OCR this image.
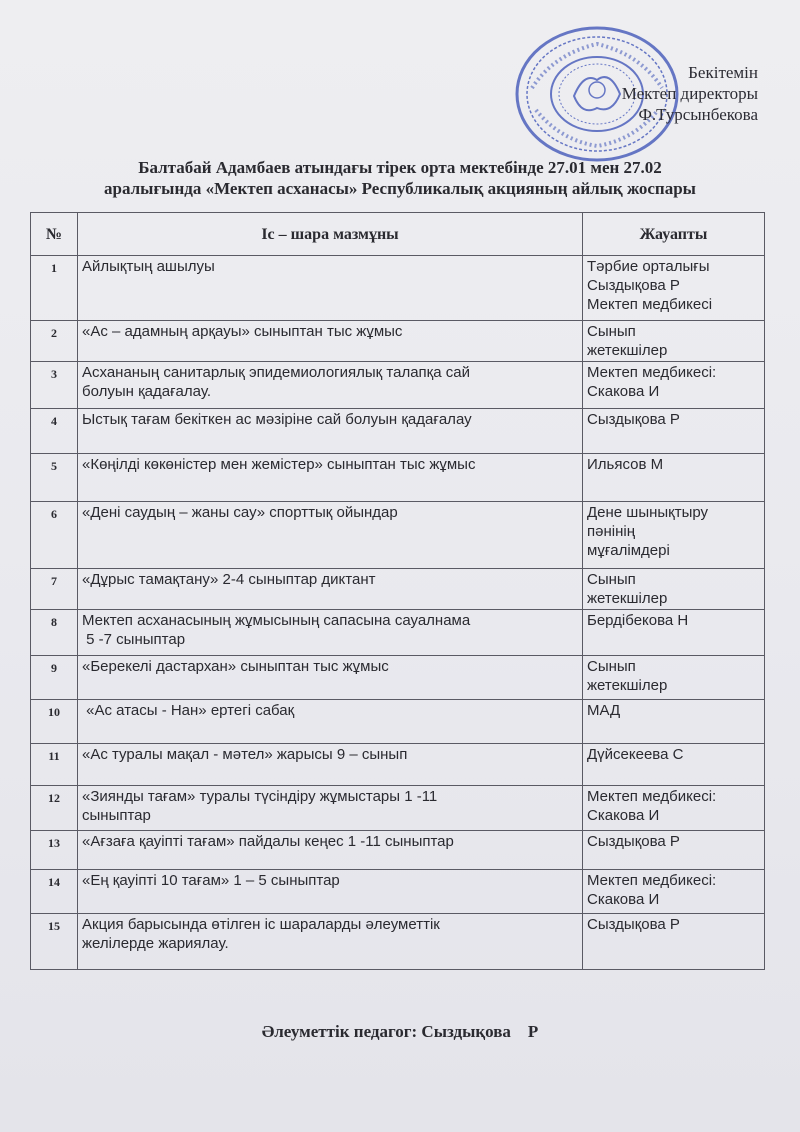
Бекітемін
Мектеп директоры
Ф.Турсынбекова
Балтабай Адамбаев атындағы тірек орта мектебінде 27.01 мен 27.02
аралығында «Мектеп асханасы» Республикалық акцияның айлық жоспары
№	Іс – шара мазмұны	Жауапты
1	Айлықтың ашылуы	Тәрбие орталығы
Сыздықова Р
Мектеп медбикесі

2	«Ас – адамның арқауы» сыныптан тыс жұмыс	Сынып
жетекшілер

3	Асхананың санитарлық эпидемиологиялық талапқа сай
болуын қадағалау.	Мектеп медбикесі:
Скакова И

4	Ыстық тағам бекіткен ас мәзіріне сай болуын қадағалау	Сыздықова Р

5	«Көңілді көкөністер мен жемістер» сыныптан тыс жұмыс	Ильясов М

6	«Дені саудың – жаны сау» спорттық ойындар	Дене шынықтыру
пәнінің
мұғалімдері

7	«Дұрыс тамақтану» 2-4 сыныптар диктант	Сынып
жетекшілер

8	Мектеп асханасының жұмысының сапасына сауалнама
5 -7 сыныптар	Бердібекова Н

9	«Берекелі дастархан» сыныптан тыс жұмыс	Сынып
жетекшілер

10	«Ас атасы - Нан» ертегі сабақ	МАД

11	«Ас туралы мақал - мәтел» жарысы 9 – сынып	Дүйсекеева С

12	«Зиянды тағам» туралы түсіндіру жұмыстары 1 -11
сыныптар	Мектеп медбикесі:
Скакова И

13	«Ағзаға қауіпті тағам» пайдалы кеңес 1 -11 сыныптар	Сыздықова Р

14	«Ең қауіпті 10 тағам» 1 – 5 сыныптар	Мектеп медбикесі:
Скакова И

15	Акция барысында өтілген іс шараларды әлеуметтік
желілерде жариялау.	Сыздықова Р
Әлеуметтік педагог: Сыздықова    Р
